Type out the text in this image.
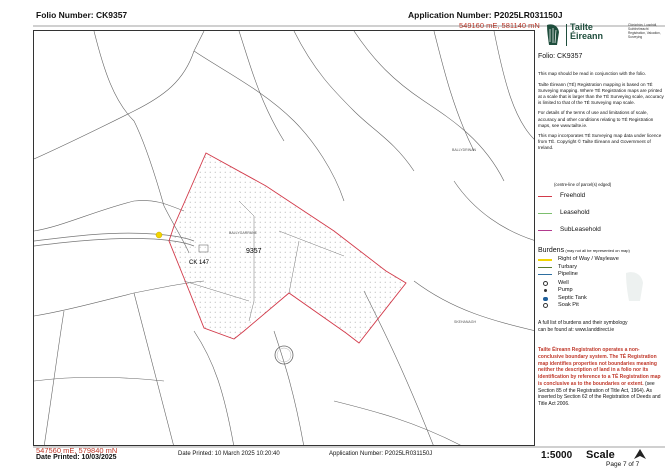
Folio Number: CK9357	Application Number: P2025LR031150J
549160 mE, 581140 mN
9357
CK 147
BALLYGARRANE
BALLYDRINAN
SKEHANAGH
Tailte
Éireann
Clárúchán, Luacháil, Suirbhéireacht Registration, Valuation, Surveying
Folio: CK9357

This map should be read in conjunction with the folio.

Tailte Éireann (TÉ) Registration mapping is based on TÉ Surveying mapping. Where TÉ Registration maps are printed at a scale that is larger than the TÉ Surveying scale, accuracy is limited to that of the TÉ Surveying map scale.

For details of the terms of use and limitations of scale, accuracy and other conditions relating to TÉ Registration maps, see www.tailte.ie.

This map incorporates TÉ Surveying map data under licence from TÉ. Copyright © Tailte Éireann and Government of Ireland.

(centre-line of parcel(s) edged)
Freehold
Leasehold
SubLeasehold
Burdens (may not all be represented on map)
Right of Way / Wayleave
Turbary
Pipeline
Well
Pump
Septic Tank
Soak Pit
A full list of burdens and their symbology can be found at: www.landdirect.ie
Tailte Éireann Registration operates a non-conclusive boundary system. The TÉ Registration map identifies properties not boundaries meaning neither the description of land in a folio nor its identification by reference to a TÉ Registration map is conclusive as to the boundaries or extent. (see Section 85 of the Registration of Title Act, 1964). As inserted by Section 62 of the Registration of Deeds and Title Act 2006.
547560 mE, 579840 mN
Date Printed: 10/03/2025	Date Printed: 10 March 2025 10:20:40	Application Number: P2025LR031150J	1:5000 Scale
Page 7 of 7
